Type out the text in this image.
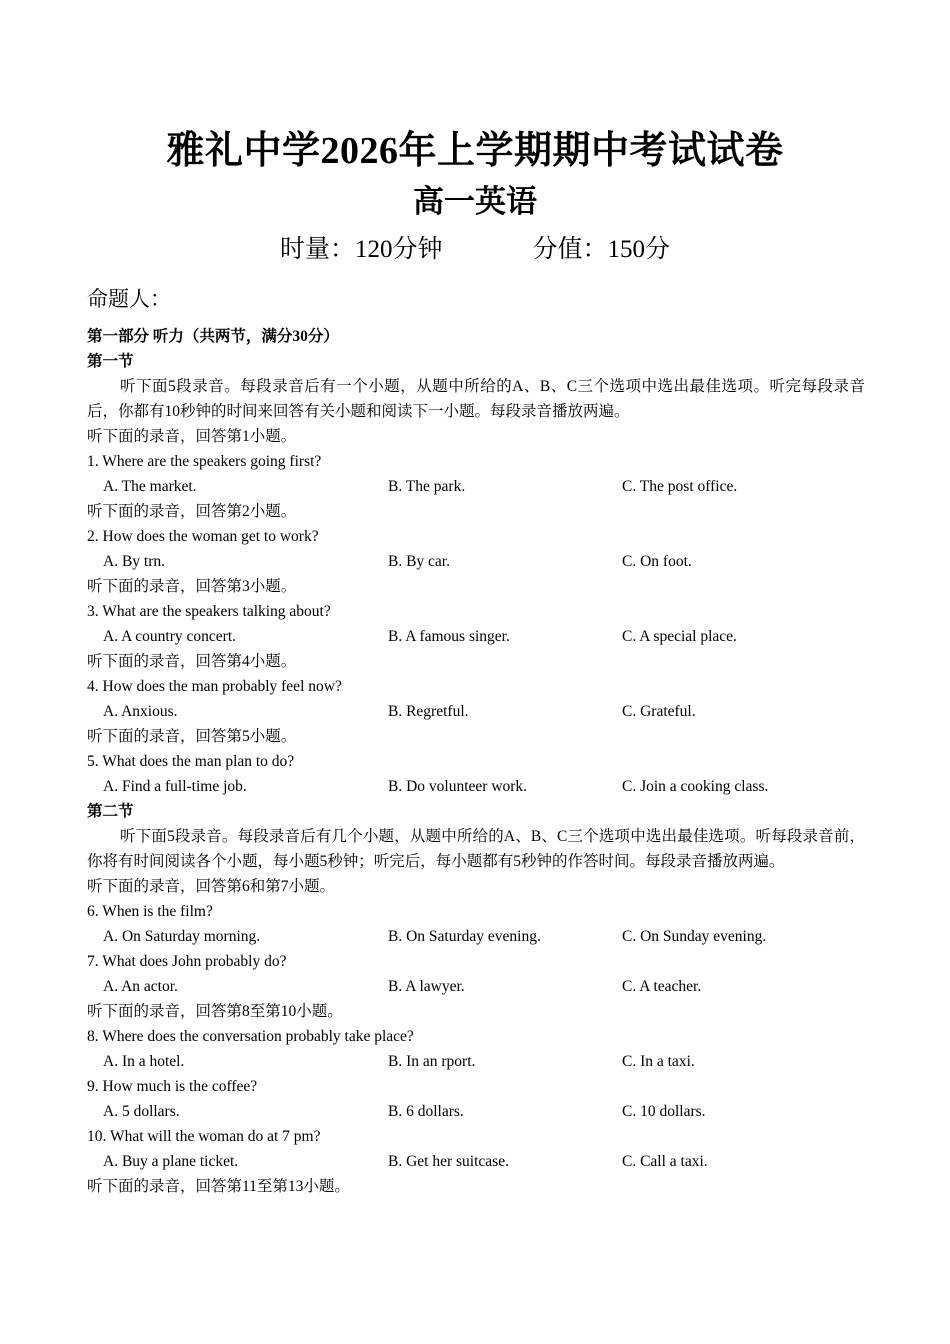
雅礼中学2026年上学期期中考试试卷
高一英语
时量：120分钟	分值：150分
命题人：
第一部分 听力（共两节，满分30分）
第一节
听下面5段录音。每段录音后有一个小题，从题中所给的A、B、C三个选项中选出最佳选项。听完每段录音后，你都有10秒钟的时间来回答有关小题和阅读下一小题。每段录音播放两遍。
听下面的录音，回答第1小题。
1. Where are the speakers going first?
A. The market.	B. The park.	C. The post office.
听下面的录音，回答第2小题。
2. How does the woman get to work?
A. By trn.	B. By car.	C. On foot.
听下面的录音，回答第3小题。
3. What are the speakers talking about?
A. A country concert.	B. A famous singer.	C. A special place.
听下面的录音，回答第4小题。
4. How does the man probably feel now?
A. Anxious.	B. Regretful.	C. Grateful.
听下面的录音，回答第5小题。
5. What does the man plan to do?
A. Find a full-time job.	B. Do volunteer work.	C. Join a cooking class.
第二节
听下面5段录音。每段录音后有几个小题，从题中所给的A、B、C三个选项中选出最佳选项。听每段录音前，你将有时间阅读各个小题，每小题5秒钟；听完后，每小题都有5秒钟的作答时间。每段录音播放两遍。
听下面的录音，回答第6和第7小题。
6. When is the film?
A. On Saturday morning.	B. On Saturday evening.	C. On Sunday evening.
7. What does John probably do?
A. An actor.	B. A lawyer.	C. A teacher.
听下面的录音，回答第8至第10小题。
8. Where does the conversation probably take place?
A. In a hotel.	B. In an rport.	C. In a taxi.
9. How much is the coffee?
A. 5 dollars.	B. 6 dollars.	C. 10 dollars.
10. What will the woman do at 7 pm?
A. Buy a plane ticket.	B. Get her suitcase.	C. Call a taxi.
听下面的录音，回答第11至第13小题。
